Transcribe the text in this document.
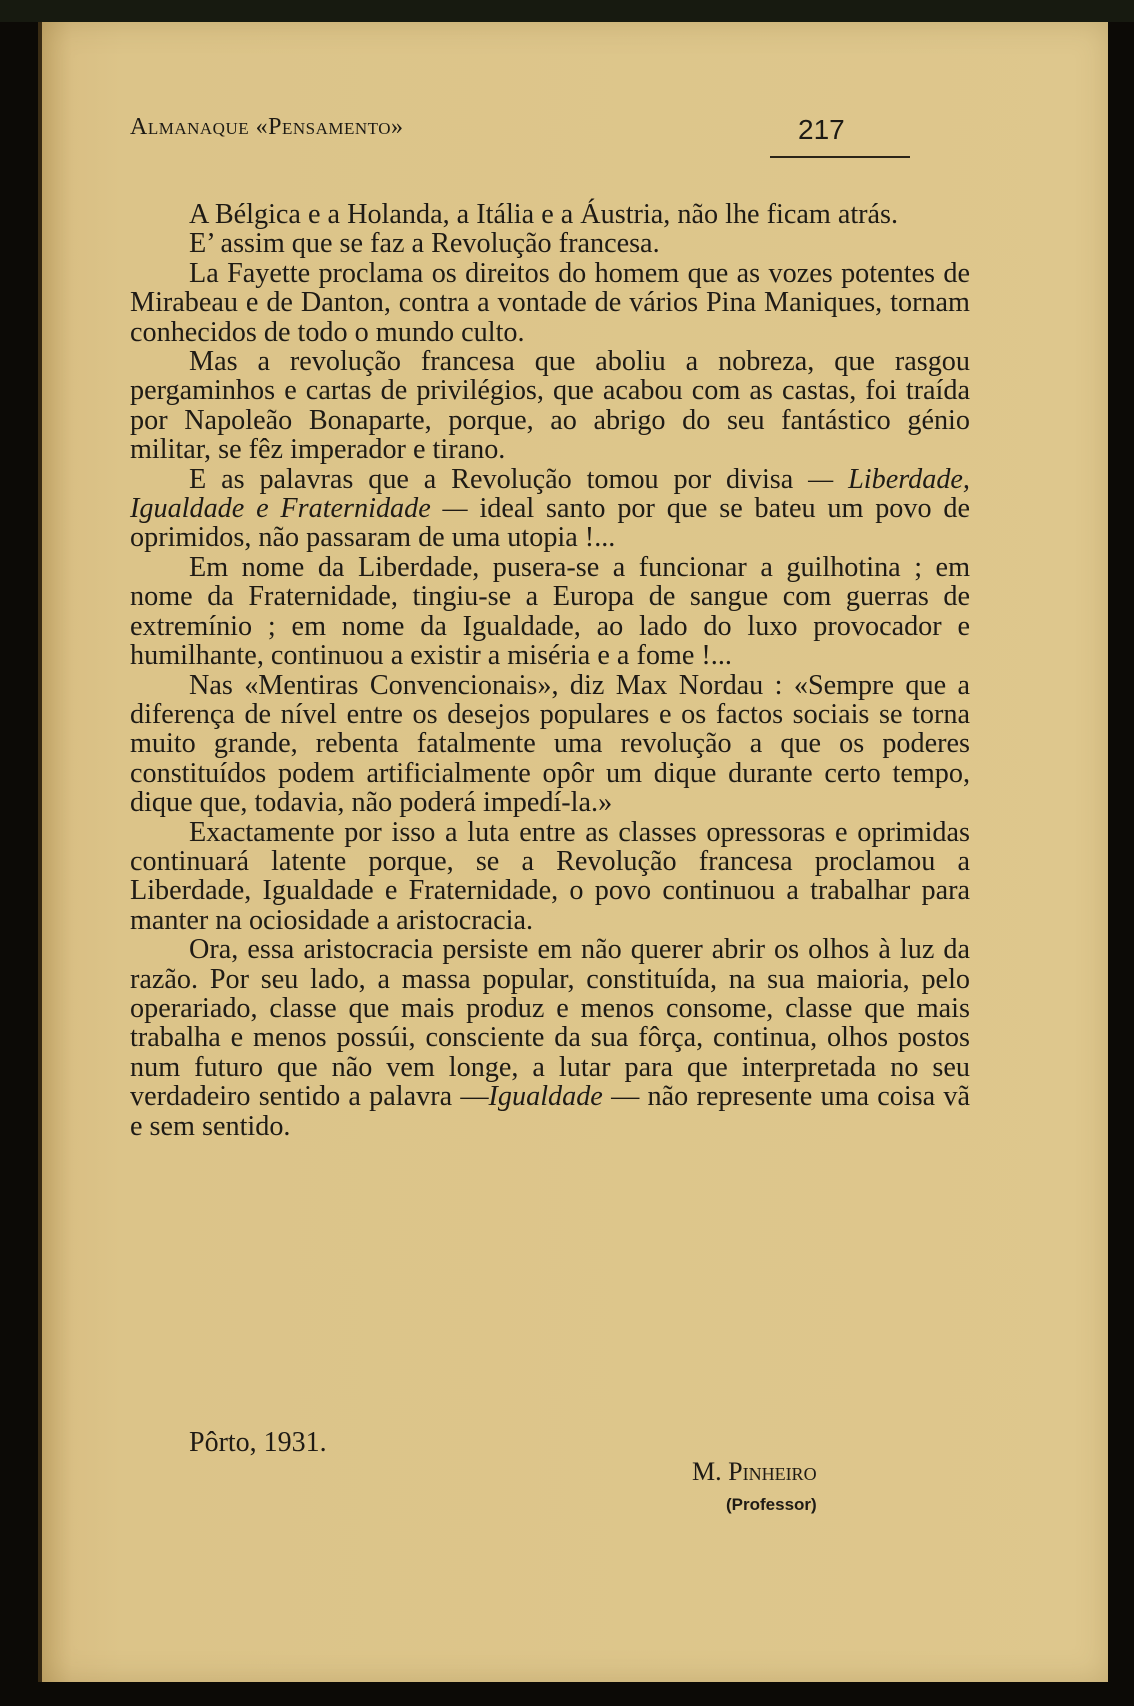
Almanaque «Pensamento»	217

A Bélgica e a Holanda, a Itália e a Áustria, não lhe ficam atrás.

E’ assim que se faz a Revolução francesa.

La Fayette proclama os direitos do homem que as vozes potentes de Mirabeau e de Danton, contra a vontade de vários Pina Maniques, tornam conhecidos de todo o mundo culto.

Mas a revolução francesa que aboliu a nobreza, que rasgou pergaminhos e cartas de privilégios, que acabou com as castas, foi traída por Napoleão Bonaparte, porque, ao abrigo do seu fantástico génio militar, se fêz imperador e tirano.

E as palavras que a Revolução tomou por divisa — Liberdade, Igualdade e Fraternidade — ideal santo por que se bateu um povo de oprimidos, não passaram de uma utopia !...

Em nome da Liberdade, pusera-se a funcionar a guilhotina ; em nome da Fraternidade, tingiu-se a Europa de sangue com guerras de extremínio ; em nome da Igualdade, ao lado do luxo provocador e humilhante, continuou a existir a miséria e a fome !...

Nas «Mentiras Convencionais», diz Max Nordau : «Sempre que a diferença de nível entre os desejos populares e os factos sociais se torna muito grande, rebenta fatalmente uma revolução a que os poderes constituídos podem artificialmente opôr um dique durante certo tempo, dique que, todavia, não poderá impedí-la.»

Exactamente por isso a luta entre as classes opressoras e oprimidas continuará latente porque, se a Revolução francesa proclamou a Liberdade, Igualdade e Fraternidade, o povo continuou a trabalhar para manter na ociosidade a aristocracia.

Ora, essa aristocracia persiste em não querer abrir os olhos à luz da razão. Por seu lado, a massa popular, constituída, na sua maioria, pelo operariado, classe que mais produz e menos consome, classe que mais trabalha e menos possúi, consciente da sua fôrça, continua, olhos postos num futuro que não vem longe, a lutar para que interpretada no seu verdadeiro sentido a palavra —Igualdade — não represente uma coisa vã e sem sentido.

Pôrto, 1931.
M. Pinheiro
(Professor)
